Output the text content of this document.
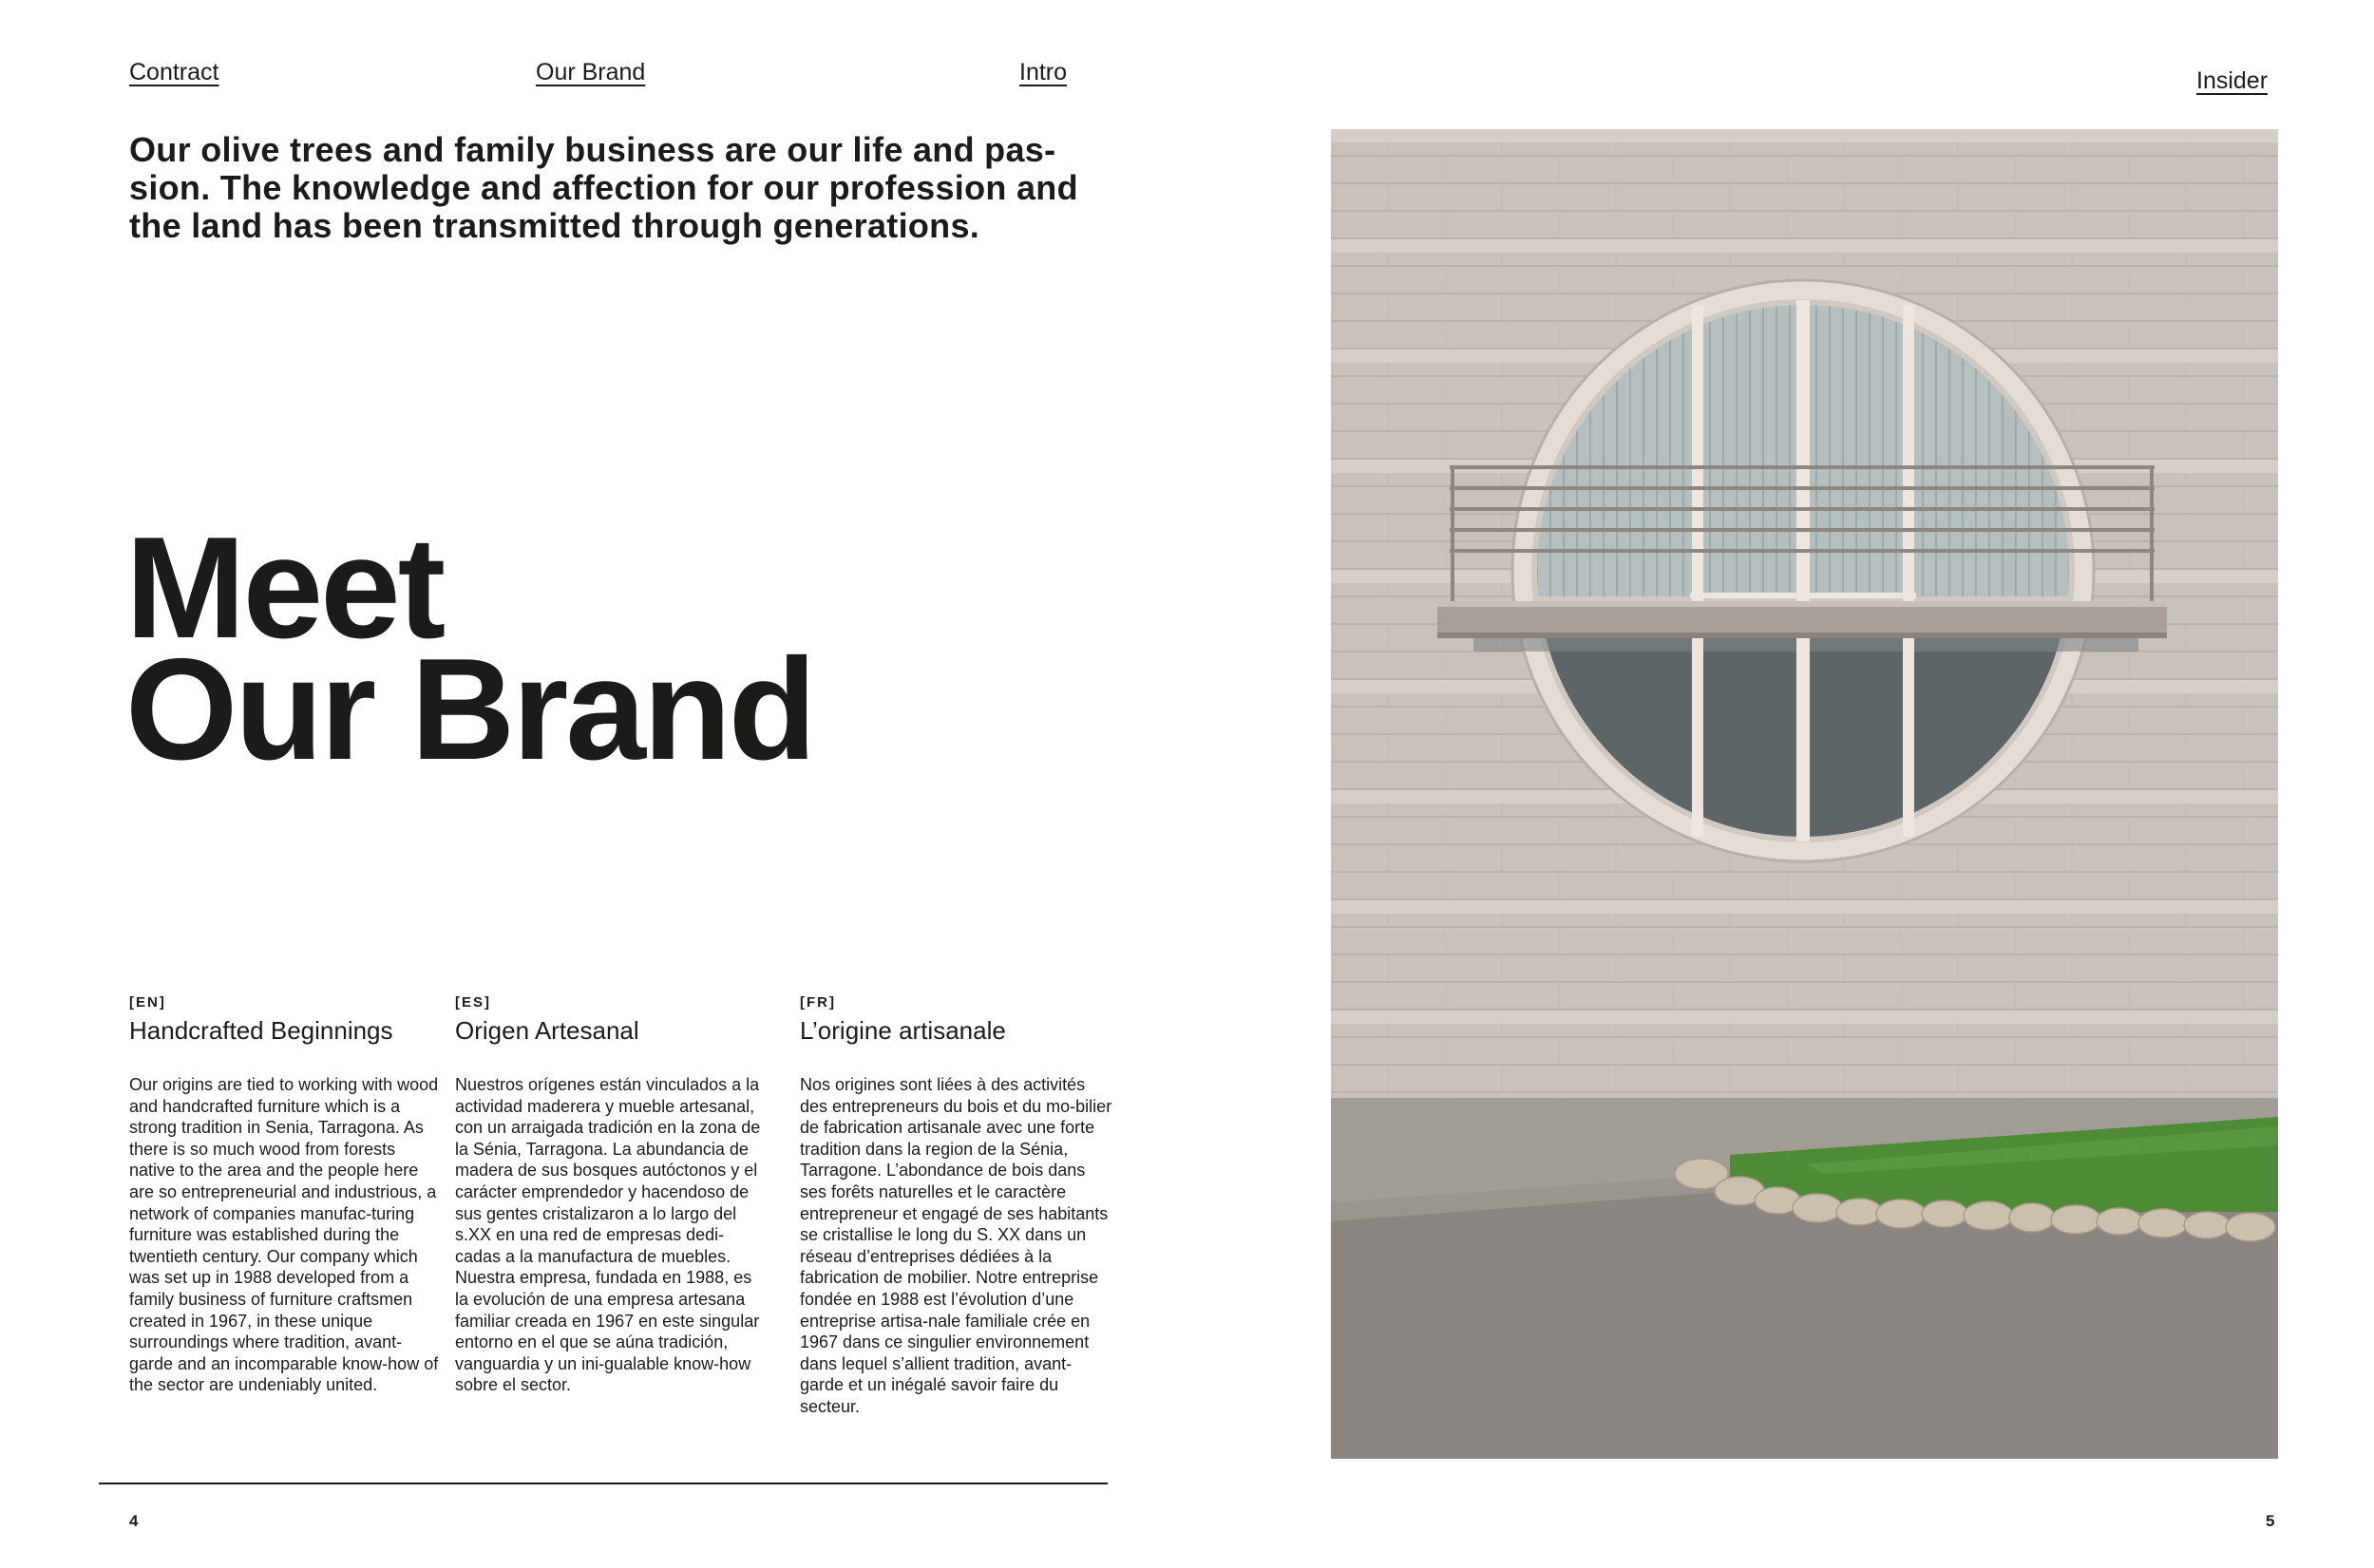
Contract	Our Brand	Intro	Insider
Our olive trees and family business are our life and pas-sion. The knowledge and affection for our profession and the land has been transmitted through generations.
Meet
Our Brand
[EN]
Handcrafted Beginnings
Our origins are tied to working with wood and handcrafted furniture which is a strong tradition in Senia, Tarragona. As there is so much wood from forests native to the area and the people here are so entrepreneurial and industrious, a network of companies manufac-turing furniture was established during the twentieth century. Our company which was set up in 1988 developed from a family business of furniture craftsmen created in 1967, in these unique surroundings where tradition, avant-garde and an incomparable know-how of the sector are undeniably united.
[ES]
Origen Artesanal
Nuestros orígenes están vinculados a la actividad maderera y mueble artesanal, con un arraigada tradición en la zona de la Sénia, Tarragona. La abundancia de madera de sus bosques autóctonos y el carácter emprendedor y hacendoso de sus gentes cristalizaron a lo largo del s.XX en una red de empresas dedi-cadas a la manufactura de muebles. Nuestra empresa, fundada en 1988, es la evolución de una empresa artesana familiar creada en 1967 en este singular entorno en el que se aúna tradición, vanguardia y un ini-gualable know-how sobre el sector.
[FR]
L’origine artisanale
Nos origines sont liées à des activités des entrepreneurs du bois et du mo-bilier de fabrication artisanale avec une forte tradition dans la region de la Sénia, Tarragone. L’abondance de bois dans ses forêts naturelles et le caractère entrepreneur et engagé de ses habitants se cristallise le long du S. XX dans un réseau d’entreprises dédiées à la fabrication de mobilier. Notre entreprise fondée en 1988 est l’évolution d’une entreprise artisa-nale familiale crée en 1967 dans ce singulier environnement dans lequel s’allient tradition, avant-garde et un inégalé savoir faire du secteur.
4	5
